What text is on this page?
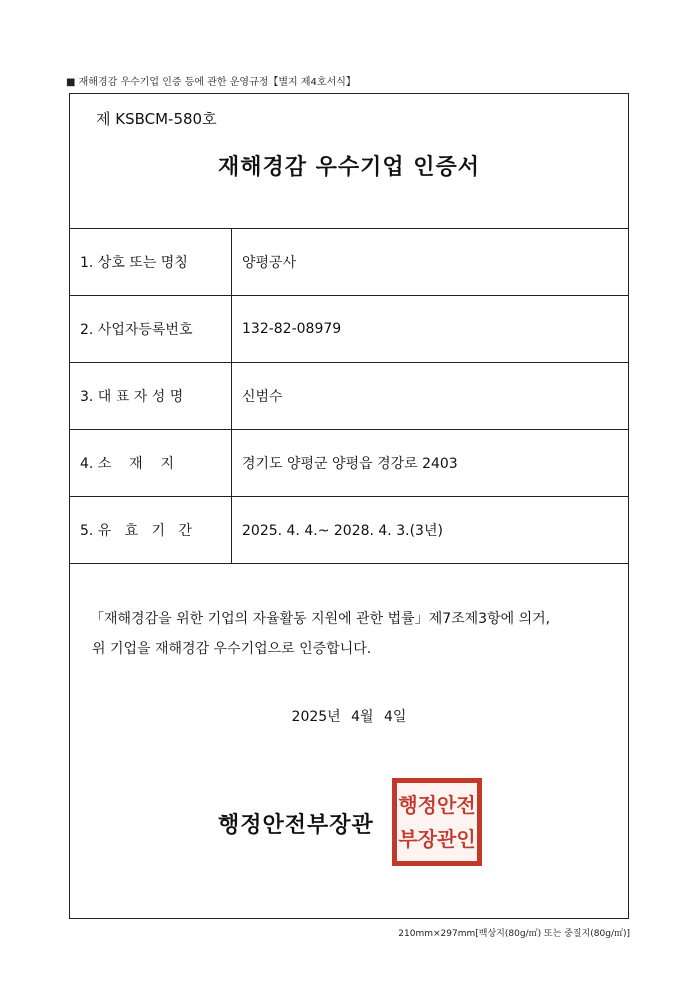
■ 재해경감 우수기업 인증 등에 관한 운영규정【별지 제4호서식】
제 KSBCM-580호
재해경감 우수기업 인증서
1. 상호 또는 명칭	양평공사
2. 사업자등록번호	132-82-08979
3. 대 표 자 성 명	신범수
4. 소    재    지	경기도 양평군 양평읍 경강로 2403
5. 유   효   기   간	2025. 4. 4.~ 2028. 4. 3.(3년)
「재해경감을 위한 기업의 자율활동 지원에 관한 법률」제7조제3항에 의거,
위 기업을 재해경감 우수기업으로 인증합니다.
2025년 4월 4일
행정안전부장관
행정안전
부장관인
210mm×297mm[백상지(80g/㎡) 또는 중질지(80g/㎡)]
